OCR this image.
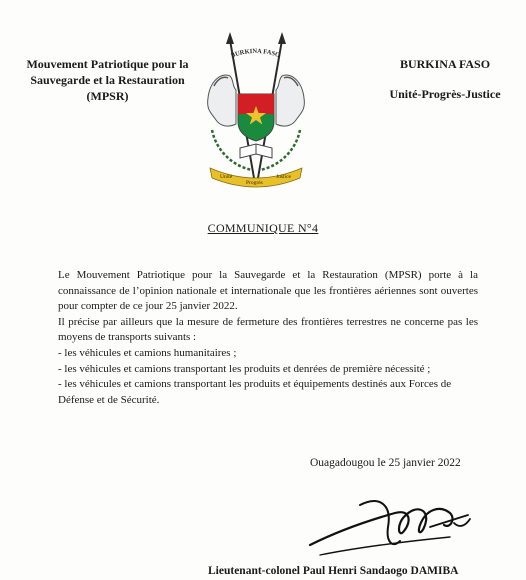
Mouvement Patriotique pour la
Sauvegarde et la Restauration
(MPSR)
BURKINA FASO
Unité
Progrès
Justice
BURKINA FASO
Unité-Progrès-Justice
COMMUNIQUE N°4

Le Mouvement Patriotique pour la Sauvegarde et la Restauration (MPSR) porte à la connaissance de l’opinion nationale et internationale que les frontières aériennes sont ouvertes pour compter de ce jour 25 janvier 2022.

Il précise par ailleurs que la mesure de fermeture des frontières terrestres ne concerne pas les moyens de transports suivants :

- les véhicules et camions humanitaires ;

- les véhicules et camions transportant les produits et denrées de première nécessité ;

- les véhicules et camions transportant les produits et équipements destinés aux Forces de Défense et de Sécurité.

Ouagadougou le 25 janvier 2022
Lieutenant-colonel Paul Henri Sandaogo DAMIBA
